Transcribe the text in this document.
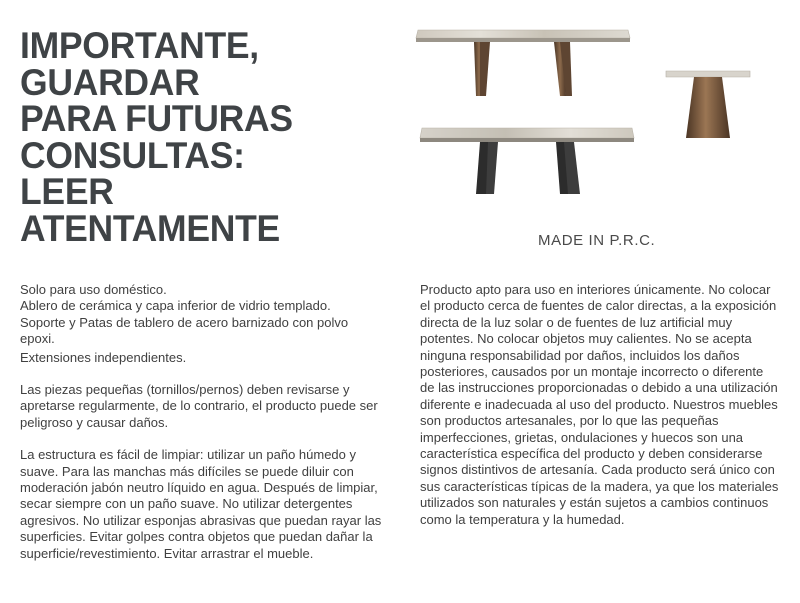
IMPORTANTE,
GUARDAR
PARA FUTURAS
CONSULTAS:
LEER
ATENTAMENTE	MADE IN P.R.C.

Solo para uso doméstico.

Ablero de cerámica y capa inferior de vidrio templado.

Soporte y Patas de tablero de acero barnizado con polvo epoxi.

Extensiones independientes.

Las piezas pequeñas (tornillos/pernos) deben revisarse y apretarse regularmente, de lo contrario, el producto puede ser peligroso y causar daños.

La estructura es fácil de limpiar: utilizar un paño húmedo y suave. Para las manchas más difíciles se puede diluir con moderación jabón neutro líquido en agua. Después de limpiar, secar siempre con un paño suave. No utilizar detergentes agresivos. No utilizar esponjas abrasivas que puedan rayar las superficies. Evitar golpes contra objetos que puedan dañar la superficie/revestimiento. Evitar arrastrar el mueble.

Producto apto para uso en interiores únicamente. No colocar el producto cerca de fuentes de calor directas, a la exposición directa de la luz solar o de fuentes de luz artificial muy potentes. No colocar objetos muy calientes. No se acepta ninguna responsabilidad por daños, incluidos los daños posteriores, causados por un montaje incorrecto o diferente de las instrucciones proporcionadas o debido a una utilización diferente e inadecuada al uso del producto. Nuestros muebles son productos artesanales, por lo que las pequeñas imperfecciones, grietas, ondulaciones y huecos son una característica específica del producto y deben considerarse signos distintivos de artesanía. Cada producto será único con sus características típicas de la madera, ya que los materiales utilizados son naturales y están sujetos a cambios continuos como la temperatura y la humedad.
